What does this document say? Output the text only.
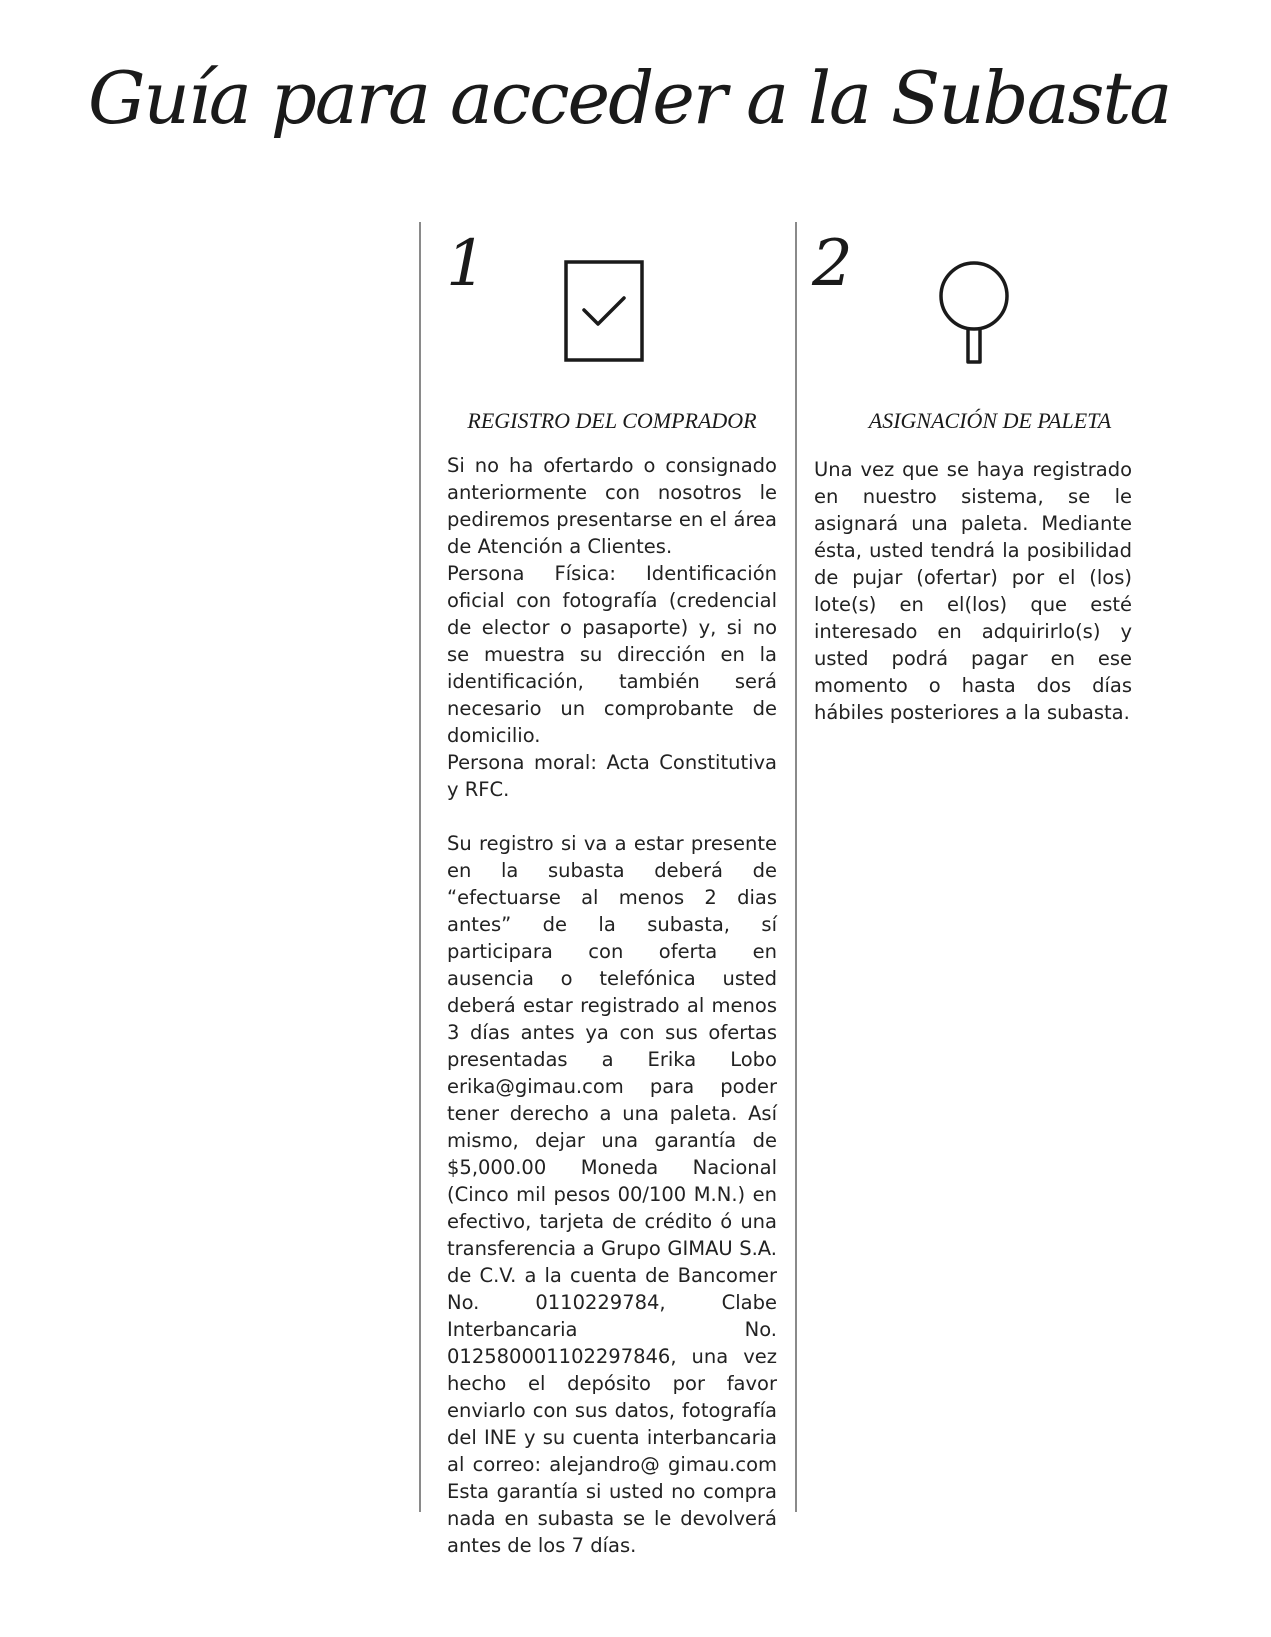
Guía para acceder a la Subasta
1
REGISTRO DEL COMPRADOR

Si no ha ofertardo o consignado anteriormente con nosotros le pediremos presentarse en el área de Atención a Clientes.

Persona Física: Identificación oficial con fotografía (credencial de elector o pasaporte) y, si no se muestra su dirección en la identificación, también será necesario un comprobante de domicilio.

Persona moral: Acta Constitutiva y RFC.

Su registro si va a estar presente en la subasta deberá de “efectuarse al menos 2 dias antes” de la subasta, sí participara con oferta en ausencia o telefónica usted deberá estar registrado al menos 3 días antes ya con sus ofertas presentadas a Erika Lobo erika@gimau.com para poder tener derecho a una paleta. Así mismo, dejar una garantía de $5,000.00 Moneda Nacional (Cinco mil pesos 00/100 M.N.) en efectivo, tarjeta de crédito ó una transferencia a Grupo GIMAU S.A. de C.V. a la cuenta de Bancomer No. 0110229784, Clabe Interbancaria No. 012580001102297846, una vez hecho el depósito por favor enviarlo con sus datos, fotografía del INE y su cuenta interbancaria al correo: alejandro@ gimau.com Esta garantía si usted no compra nada en subasta se le devolverá antes de los 7 días.

2
ASIGNACIÓN DE PALETA

Una vez que se haya registrado en nuestro sistema, se le asignará una paleta. Mediante ésta, usted tendrá la posibilidad de pujar (ofertar) por el (los) lote(s) en el(los) que esté interesado en adquirirlo(s) y usted podrá pagar en ese momento o hasta dos días hábiles posteriores a la subasta.
